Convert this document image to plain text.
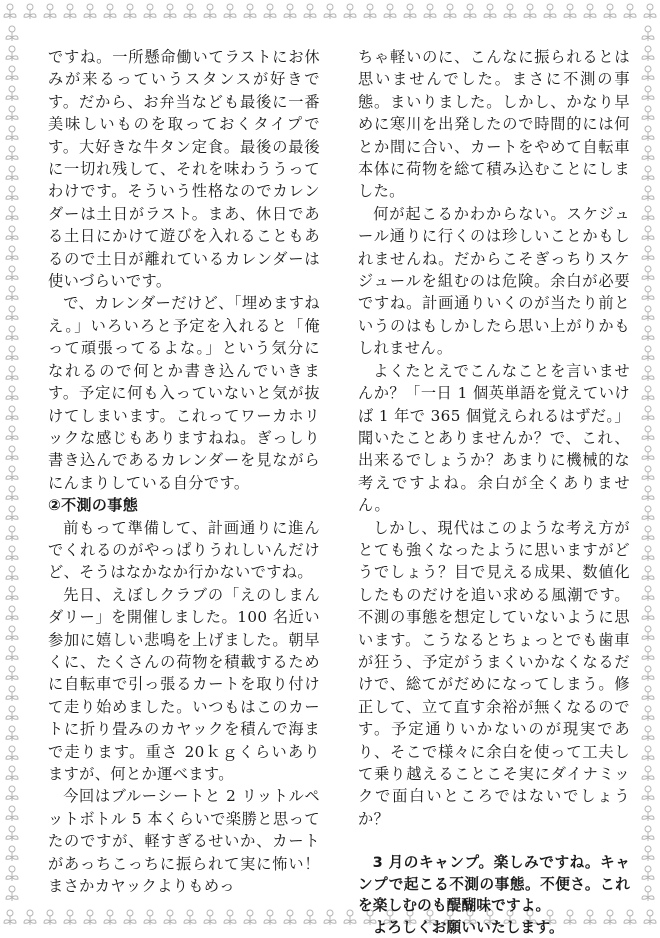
ですね。一所懸命働いてラストにお休みが来るっていうスタンスが好きです。だから、お弁当なども最後に一番美味しいものを取っておくタイプです。大好きな牛タン定食。最後の最後に一切れ残して、それを味わううってわけです。そういう性格なのでカレンダーは土日がラスト。まあ、休日である土日にかけて遊びを入れることもあるので土日が離れているカレンダーは使いづらいです。

で、カレンダーだけど、「埋めますねえ。」いろいろと予定を入れると「俺って頑張ってるよな。」という気分になれるので何とか書き込んでいきます。予定に何も入っていないと気が抜けてしまいます。これってワーカホリックな感じもありますねね。ぎっしり書き込んであるカレンダーを見ながらにんまりしている自分です。

②不測の事態

前もって準備して、計画通りに進んでくれるのがやっぱりうれしいんだけど、そうはなかなか行かないですね。

先日、えぼしクラブの「えのしまんダリー」を開催しました。100 名近い参加に嬉しい悲鳴を上げました。朝早くに、たくさんの荷物を積載するために自転車で引っ張るカートを取り付けて走り始めました。いつもはこのカートに折り畳みのカヤックを積んで海まで走ります。重さ 20ｋｇくらいありますが、何とか運べます。

今回はブルーシートと 2 リットルペットボトル 5 本くらいで楽勝と思ってたのですが、軽すぎるせいか、カートがあっちこっちに振られて実に怖い！まさかカヤックよりもめっ

ちゃ軽いのに、こんなに振られるとは思いませんでした。まさに不測の事態。まいりました。しかし、かなり早めに寒川を出発したので時間的には何とか間に合い、カートをやめて自転車本体に荷物を総て積み込むことにしました。

何が起こるかわからない。スケジュール通りに行くのは珍しいことかもしれませんね。だからこそぎっちりスケジュールを組むのは危険。余白が必要ですね。計画通りいくのが当たり前というのはもしかしたら思い上がりかもしれません。

よくたとえでこんなことを言いませんか？「一日 1 個英単語を覚えていけば 1 年で 365 個覚えられるはずだ。」聞いたことありませんか？で、これ、出来るでしょうか？あまりに機械的な考えですよね。余白が全くありません。

しかし、現代はこのような考え方がとても強くなったように思いますがどうでしょう？目で見える成果、数値化したものだけを追い求める風潮です。不測の事態を想定していないように思います。こうなるとちょっとでも歯車が狂う、予定がうまくいかなくなるだけで、総てがだめになってしまう。修正して、立て直す余裕が無くなるのです。予定通りいかないのが現実であり、そこで様々に余白を使って工夫して乗り越えることこそ実にダイナミックで面白いところではないでしょうか？

3 月のキャンプ。楽しみですね。キャンプで起こる不測の事態。不便さ。これを楽しむのも醍醐味ですよ。

よろしくお願いいたします。
